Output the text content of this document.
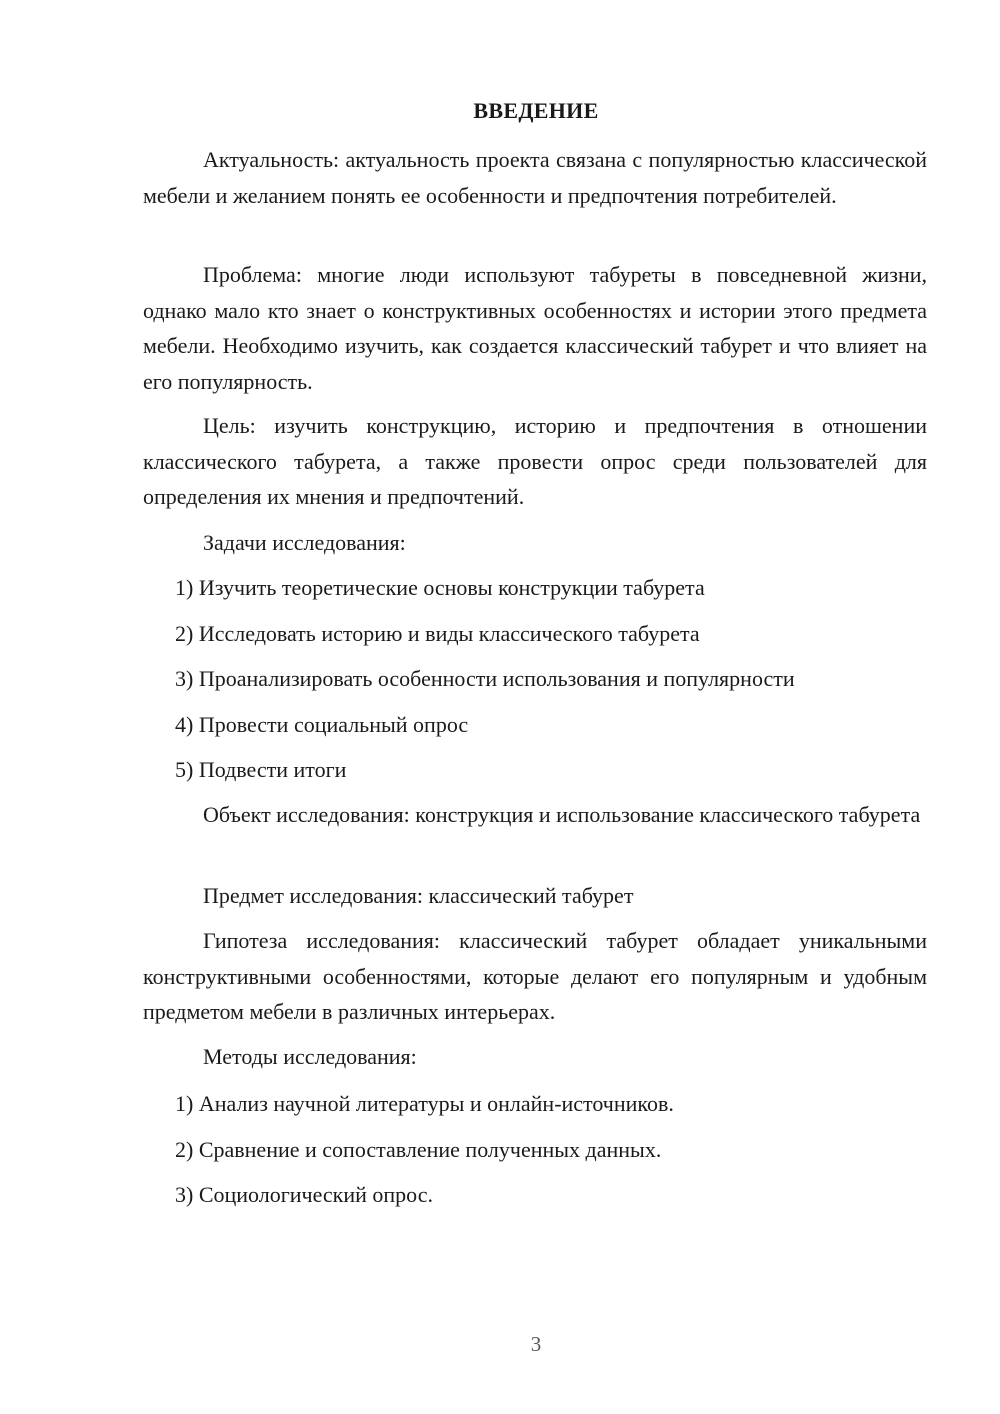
ВВЕДЕНИЕ

Актуальность: актуальность проекта связана с популярностью классической мебели и желанием понять ее особенности и предпочтения потребителей.

Проблема: многие люди используют табуреты в повседневной жизни, однако мало кто знает о конструктивных особенностях и истории этого предмета мебели. Необходимо изучить, как создается классический табурет и что влияет на его популярность.

Цель: изучить конструкцию, историю и предпочтения в отношении классического табурета, а также провести опрос среди пользователей для определения их мнения и предпочтений.

Задачи исследования:

1) Изучить теоретические основы конструкции табурета

2) Исследовать историю и виды классического табурета

3) Проанализировать особенности использования и популярности

4) Провести социальный опрос

5) Подвести итоги

Объект исследования: конструкция и использование классического табурета

Предмет исследования: классический табурет

Гипотеза исследования: классический табурет обладает уникальными конструктивными особенностями, которые делают его популярным и удобным предметом мебели в различных интерьерах.

Методы исследования:

1) Анализ научной литературы и онлайн-источников.

2) Сравнение и сопоставление полученных данных.

3) Социологический опрос.

3
